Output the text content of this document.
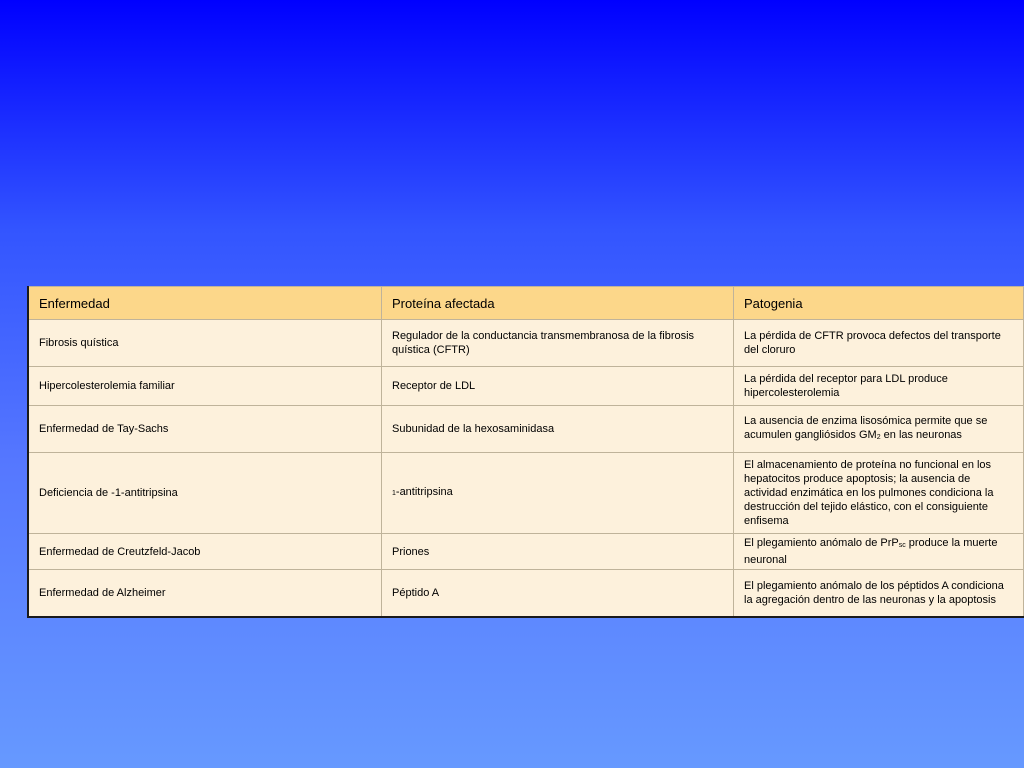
Enfermedad	Proteína afectada	Patogenia
Fibrosis quística	Regulador de la conductancia transmembranosa de la fibrosis quística (CFTR)	La pérdida de CFTR provoca defectos del transporte del cloruro
Hipercolesterolemia familiar	Receptor de LDL	La pérdida del receptor para LDL produce hipercolesterolemia
Enfermedad de Tay-Sachs	Subunidad de la hexosaminidasa	La ausencia de enzima lisosómica permite que se acumulen gangliósidos $GM_2$ en las neuronas
Deficiencia de -1-antitripsina	1-antitripsina	El almacenamiento de proteína no funcional en los hepatocitos produce apoptosis; la ausencia de actividad enzimática en los pulmones condiciona la destrucción del tejido elástico, con el consiguiente enfisema
Enfermedad de Creutzfeld-Jacob	Priones	El plegamiento anómalo de PrP$_{sc}$ produce la muerte neuronal
Enfermedad de Alzheimer	Péptido A	El plegamiento anómalo de los péptidos A condiciona la agregación dentro de las neuronas y la apoptosis
